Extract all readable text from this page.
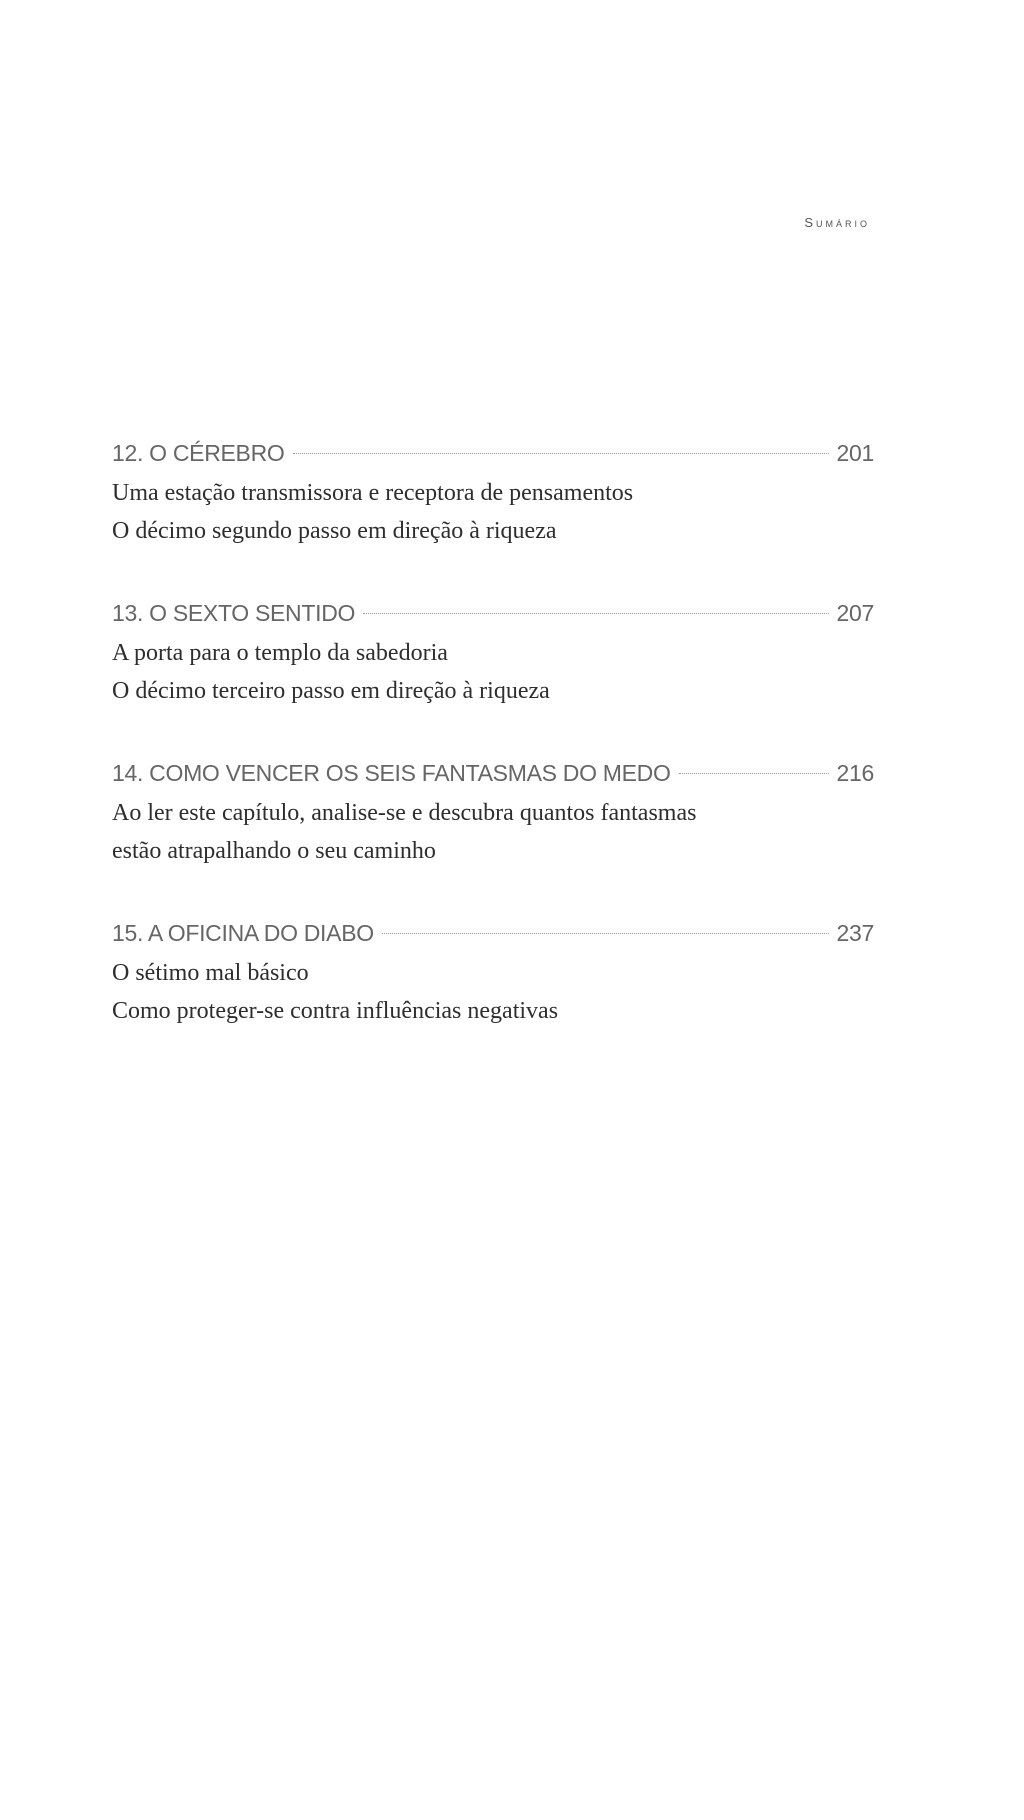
Sumário
12. O CÉREBRO	201
Uma estação transmissora e receptora de pensamentos
O décimo segundo passo em direção à riqueza
13. O SEXTO SENTIDO	207
A porta para o templo da sabedoria
O décimo terceiro passo em direção à riqueza
14. COMO VENCER OS SEIS FANTASMAS DO MEDO	216
Ao ler este capítulo, analise-se e descubra quantos fantasmas
estão atrapalhando o seu caminho
15. A OFICINA DO DIABO	237
O sétimo mal básico
Como proteger-se contra influências negativas
